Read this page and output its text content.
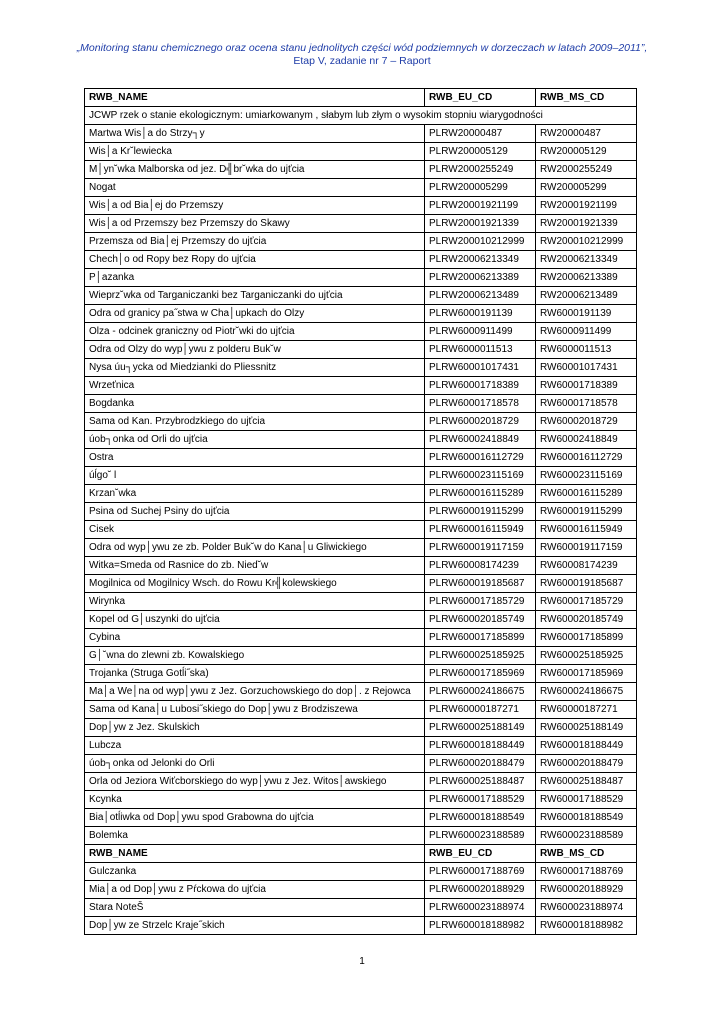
„Monitoring stanu chemicznego oraz ocena stanu jednolitych części wód podziemnych w dorzeczach w latach 2009–2011”,
Etap V, zadanie nr 7 – Raport
RWB_NAME	RWB_EU_CD	RWB_MS_CD
JCWP rzek o stanie ekologicznym: umiarkowanym , słabym lub złym o wysokim stopniu wiarygodności		
Martwa Wis│a do Strzy┐y	PLRW20000487	RW20000487
Wis│a Kr˘lewiecka	PLRW200005129	RW200005129
M│yn˘wka Malborska od jez. D╣br˘wka do ujťcia	PLRW2000255249	RW2000255249
Nogat	PLRW200005299	RW200005299
Wis│a od Bia│ej do Przemszy	PLRW20001921199	RW20001921199
Wis│a od Przemszy bez Przemszy do Skawy	PLRW20001921339	RW20001921339
Przemsza od Bia│ej Przemszy do ujťcia	PLRW200010212999	RW200010212999
Chech│o od Ropy bez Ropy do ujťcia	PLRW20006213349	RW20006213349
P│azanka	PLRW20006213389	RW20006213389
Wieprz˘wka od Targaniczanki bez Targaniczanki do ujťcia	PLRW20006213489	RW20006213489
Odra od granicy pa˝stwa w Cha│upkach do Olzy	PLRW6000191139	RW6000191139
Olza - odcinek graniczny od Piotr˘wki do ujťcia	PLRW6000911499	RW6000911499
Odra od Olzy do wyp│ywu z polderu Buk˘w	PLRW6000011513	RW6000011513
Nysa úu┐ycka od Miedzianki do Pliessnitz	PLRW60001017431	RW60001017431
Wrzeťnica	PLRW60001718389	RW60001718389
Bogdanka	PLRW60001718578	RW60001718578
Sama od Kan. Przybrodzkiego do ujťcia	PLRW60002018729	RW60002018729
úob┐onka od Orli do ujťcia	PLRW60002418849	RW60002418849
Ostra	PLRW600016112729	RW600016112729
úĺgo˘ l	PLRW600023115169	RW600023115169
Krzan˘wka	PLRW600016115289	RW600016115289
Psina od Suchej Psiny do ujťcia	PLRW600019115299	RW600019115299
Cisek	PLRW600016115949	RW600016115949
Odra od wyp│ywu ze zb. Polder Buk˘w do Kana│u Gliwickiego	PLRW600019117159	RW600019117159
Witka=Smeda od Rasnice do zb. Nied˘w	PLRW60008174239	RW60008174239
Mogilnica od Mogilnicy Wsch. do Rowu Kr╣kolewskiego	PLRW600019185687	RW600019185687
Wirynka	PLRW600017185729	RW600017185729
Kopel od G│uszynki do ujťcia	PLRW600020185749	RW600020185749
Cybina	PLRW600017185899	RW600017185899
G│˘wna do zlewni zb. Kowalskiego	PLRW600025185925	RW600025185925
Trojanka (Struga Gotĺi˝ska)	PLRW600017185969	RW600017185969
Ma│a We│na od wyp│ywu z Jez. Gorzuchowskiego do dop│. z Rejowca	PLRW600024186675	RW600024186675
Sama od Kana│u Lubosi˝skiego do Dop│ywu z Brodziszewa	PLRW60000187271	RW60000187271
Dop│yw z Jez. Skulskich	PLRW600025188149	RW600025188149
Lubcza	PLRW600018188449	RW600018188449
úob┐onka od Jelonki do Orli	PLRW600020188479	RW600020188479
Orla od Jeziora Wiťcborskiego do wyp│ywu z Jez. Witos│awskiego	PLRW600025188487	RW600025188487
Kcynka	PLRW600017188529	RW600017188529
Bia│otĺiwka od Dop│ywu spod Grabowna do ujťcia	PLRW600018188549	RW600018188549
Bolemka	PLRW600023188589	RW600023188589
RWB_NAME	RWB_EU_CD	RWB_MS_CD
Gulczanka	PLRW600017188769	RW600017188769
Mia│a od Dop│ywu z Pŕckowa do ujťcia	PLRW600020188929	RW600020188929
Stara NoteŠ	PLRW600023188974	RW600023188974
Dop│yw ze Strzelc Kraje˝skich	PLRW600018188982	RW600018188982
1
